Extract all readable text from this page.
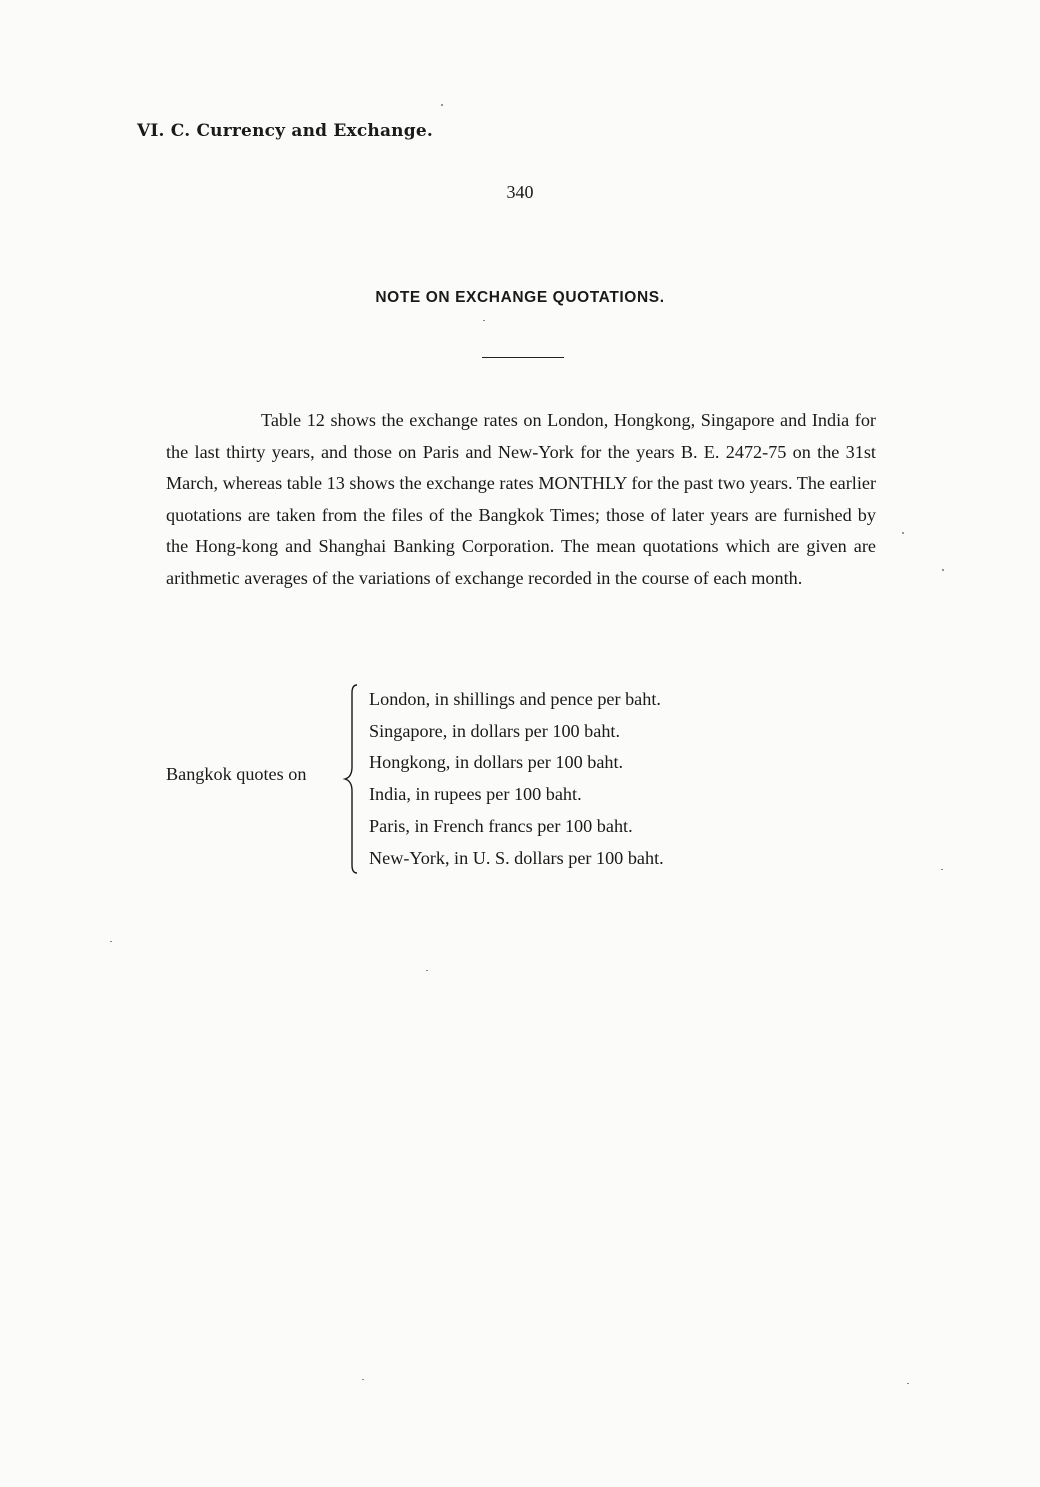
VI. C. Currency and Exchange.
340
NOTE ON EXCHANGE QUOTATIONS.

Table 12 shows the exchange rates on London, Hongkong, Singapore and India for the last thirty years, and those on Paris and New-York for the years B. E. 2472-75 on the 31st March, whereas table 13 shows the exchange rates MONTHLY for the past two years. The earlier quotations are taken from the files of the Bangkok Times; those of later years are furnished by the Hong-kong and Shanghai Banking Corporation. The mean quotations which are given are arithmetic averages of the variations of exchange recorded in the course of each month.

Bangkok quotes on
London, in shillings and pence per baht.
Singapore, in dollars per 100 baht.
Hongkong, in dollars per 100 baht.
India, in rupees per 100 baht.
Paris, in French francs per 100 baht.
New-York, in U. S. dollars per 100 baht.
